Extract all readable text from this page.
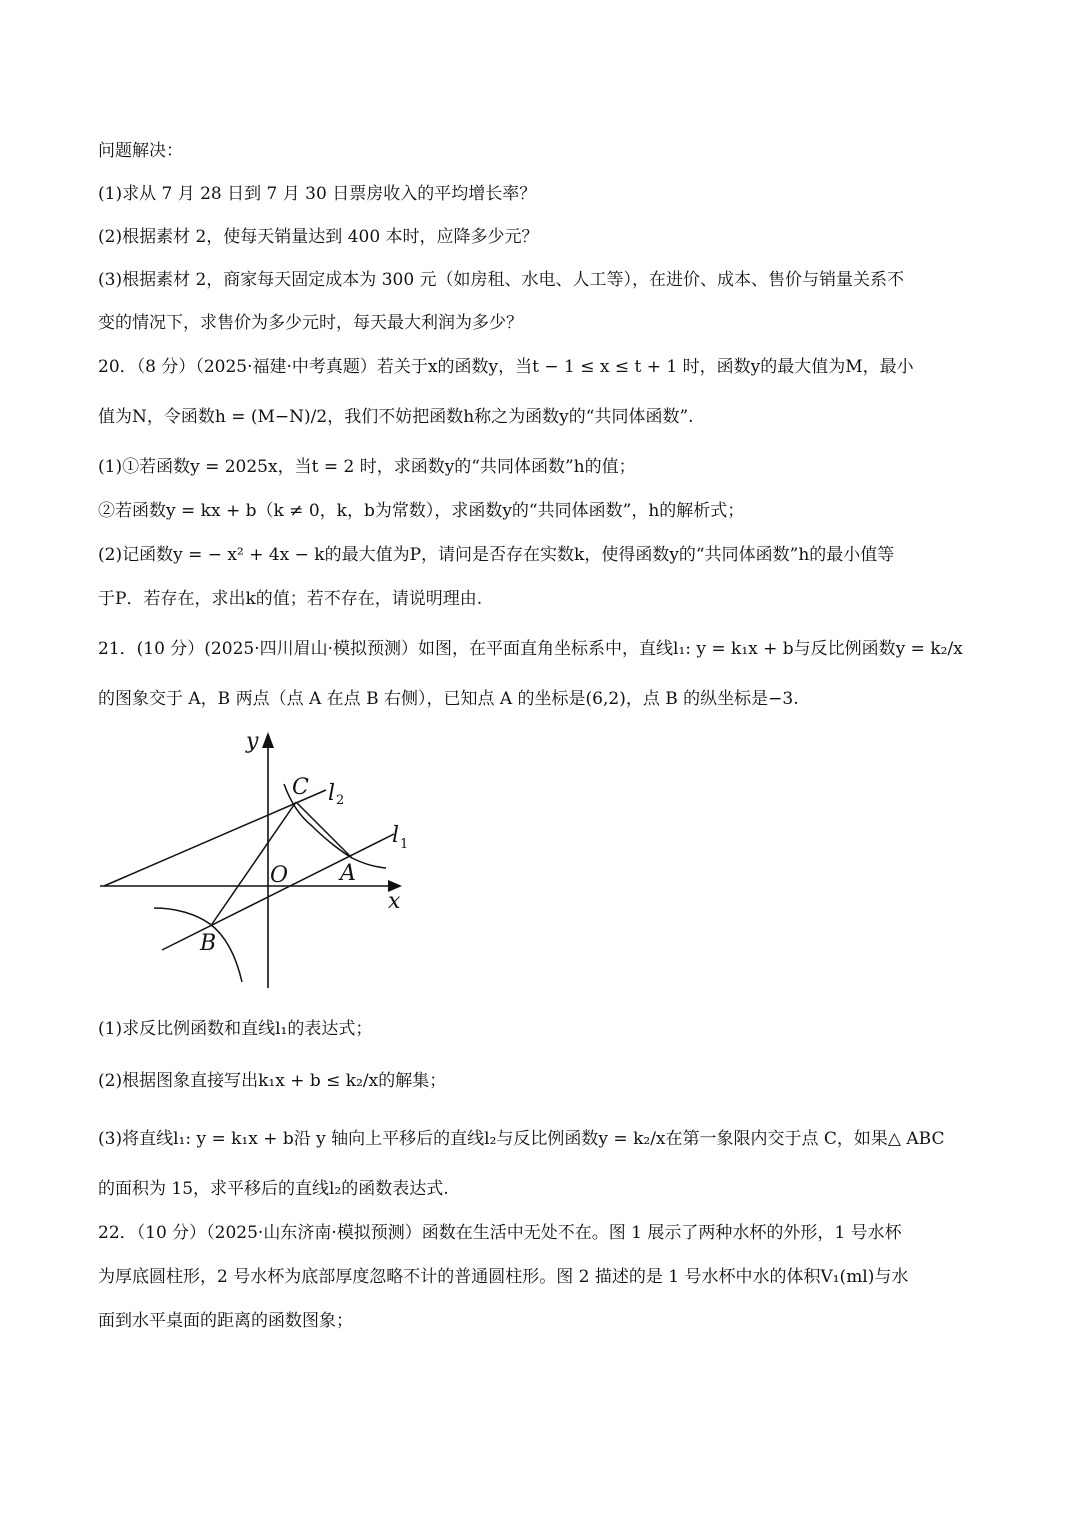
问题解决：
(1)求从 7 月 28 日到 7 月 30 日票房收入的平均增长率？
(2)根据素材 2，使每天销量达到 400 本时，应降多少元？
(3)根据素材 2，商家每天固定成本为 300 元（如房租、水电、人工等），在进价、成本、售价与销量关系不
变的情况下，求售价为多少元时，每天最大利润为多少？
20．（8 分）（2025·福建·中考真题）若关于x的函数y，当t − 1 ≤ x ≤ t + 1 时，函数y的最大值为M，最小
值为N，令函数h = (M−N)/2，我们不妨把函数h称之为函数y的“共同体函数”.
(1)①若函数y = 2025x，当t = 2 时，求函数y的“共同体函数”h的值；
②若函数y = kx + b（k ≠ 0，k，b为常数），求函数y的“共同体函数”，h的解析式；
(2)记函数y = − x² + 4x − k的最大值为P，请问是否存在实数k，使得函数y的“共同体函数”h的最小值等
于P．若存在，求出k的值；若不存在，请说明理由.
21．(10 分）(2025·四川眉山·模拟预测）如图，在平面直角坐标系中，直线l₁: y = k₁x + b与反比例函数y = k₂/x
的图象交于 A，B 两点（点 A 在点 B 右侧），已知点 A 的坐标是(6,2)，点 B 的纵坐标是−3.
y
x
O A
B
C l 2
l 1
(1)求反比例函数和直线l₁的表达式；
(2)根据图象直接写出k₁x + b ≤ k₂/x的解集；
(3)将直线l₁: y = k₁x + b沿 y 轴向上平移后的直线l₂与反比例函数y = k₂/x在第一象限内交于点 C，如果△ ABC
的面积为 15，求平移后的直线l₂的函数表达式.
22．（10 分）（2025·山东济南·模拟预测）函数在生活中无处不在。图 1 展示了两种水杯的外形，1 号水杯
为厚底圆柱形，2 号水杯为底部厚度忽略不计的普通圆柱形。图 2 描述的是 1 号水杯中水的体积V₁(ml)与水
面到水平桌面的距离的函数图象；
